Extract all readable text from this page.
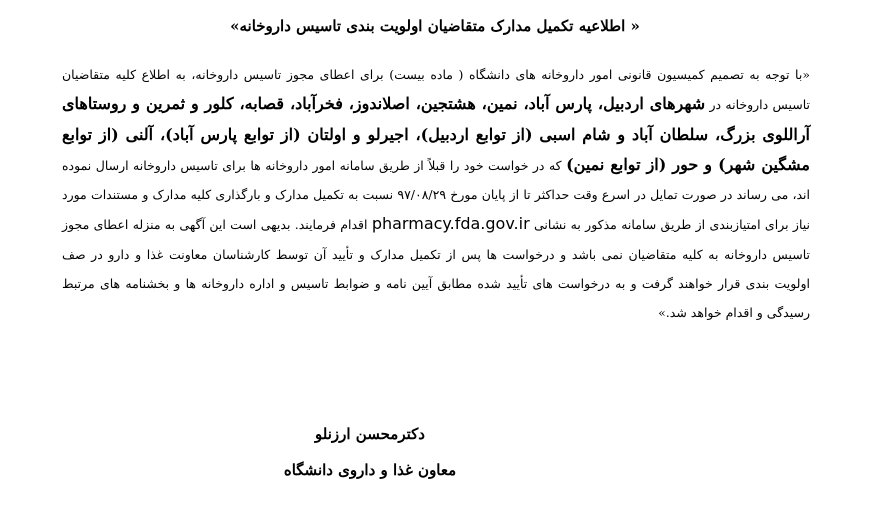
« اطلاعیه تکمیل مدارک متقاضیان اولویت بندی تاسیس داروخانه»
«با توجه به تصمیم کمیسیون قانونی امور داروخانه های دانشگاه ( ماده بیست) برای اعطای مجوز تاسیس داروخانه، به اطلاع کلیه متقاضیان تاسیس داروخانه در شهرهای اردبیل، پارس آباد، نمین، هشتجین، اصلاندوز، فخرآباد، قصابه، کلور و ثمرین و روستاهای آراللوی بزرگ، سلطان آباد و شام اسبی (از توابع اردبیل)، اجیرلو و اولتان (از توابع پارس آباد)، آلنی (از توابع مشگین شهر) و حور (از توابع نمین) که در خواست خود را قبلاً از طریق سامانه امور داروخانه ها برای تاسیس داروخانه ارسال نموده اند، می رساند در صورت تمایل در اسرع وقت حداکثر تا از پایان مورخ ۹۷/۰۸/۲۹ نسبت به تکمیل مدارک و بارگذاری کلیه مدارک و مستندات مورد نیاز برای امتیازبندی از طریق سامانه مذکور به نشانی pharmacy.fda.gov.ir اقدام فرمایند. بدیهی است این آگهی به منزله اعطای مجوز تاسیس داروخانه به کلیه متقاضیان نمی باشد و درخواست ها پس از تکمیل مدارک و تأیید آن توسط کارشناسان معاونت غذا و دارو در صف اولویت بندی قرار خواهند گرفت و به درخواست های تأیید شده مطابق آیین نامه و ضوابط تاسیس و اداره داروخانه ها و بخشنامه های مرتبط رسیدگی و اقدام خواهد شد.»
دکترمحسن ارزنلو
معاون غذا و داروی دانشگاه
